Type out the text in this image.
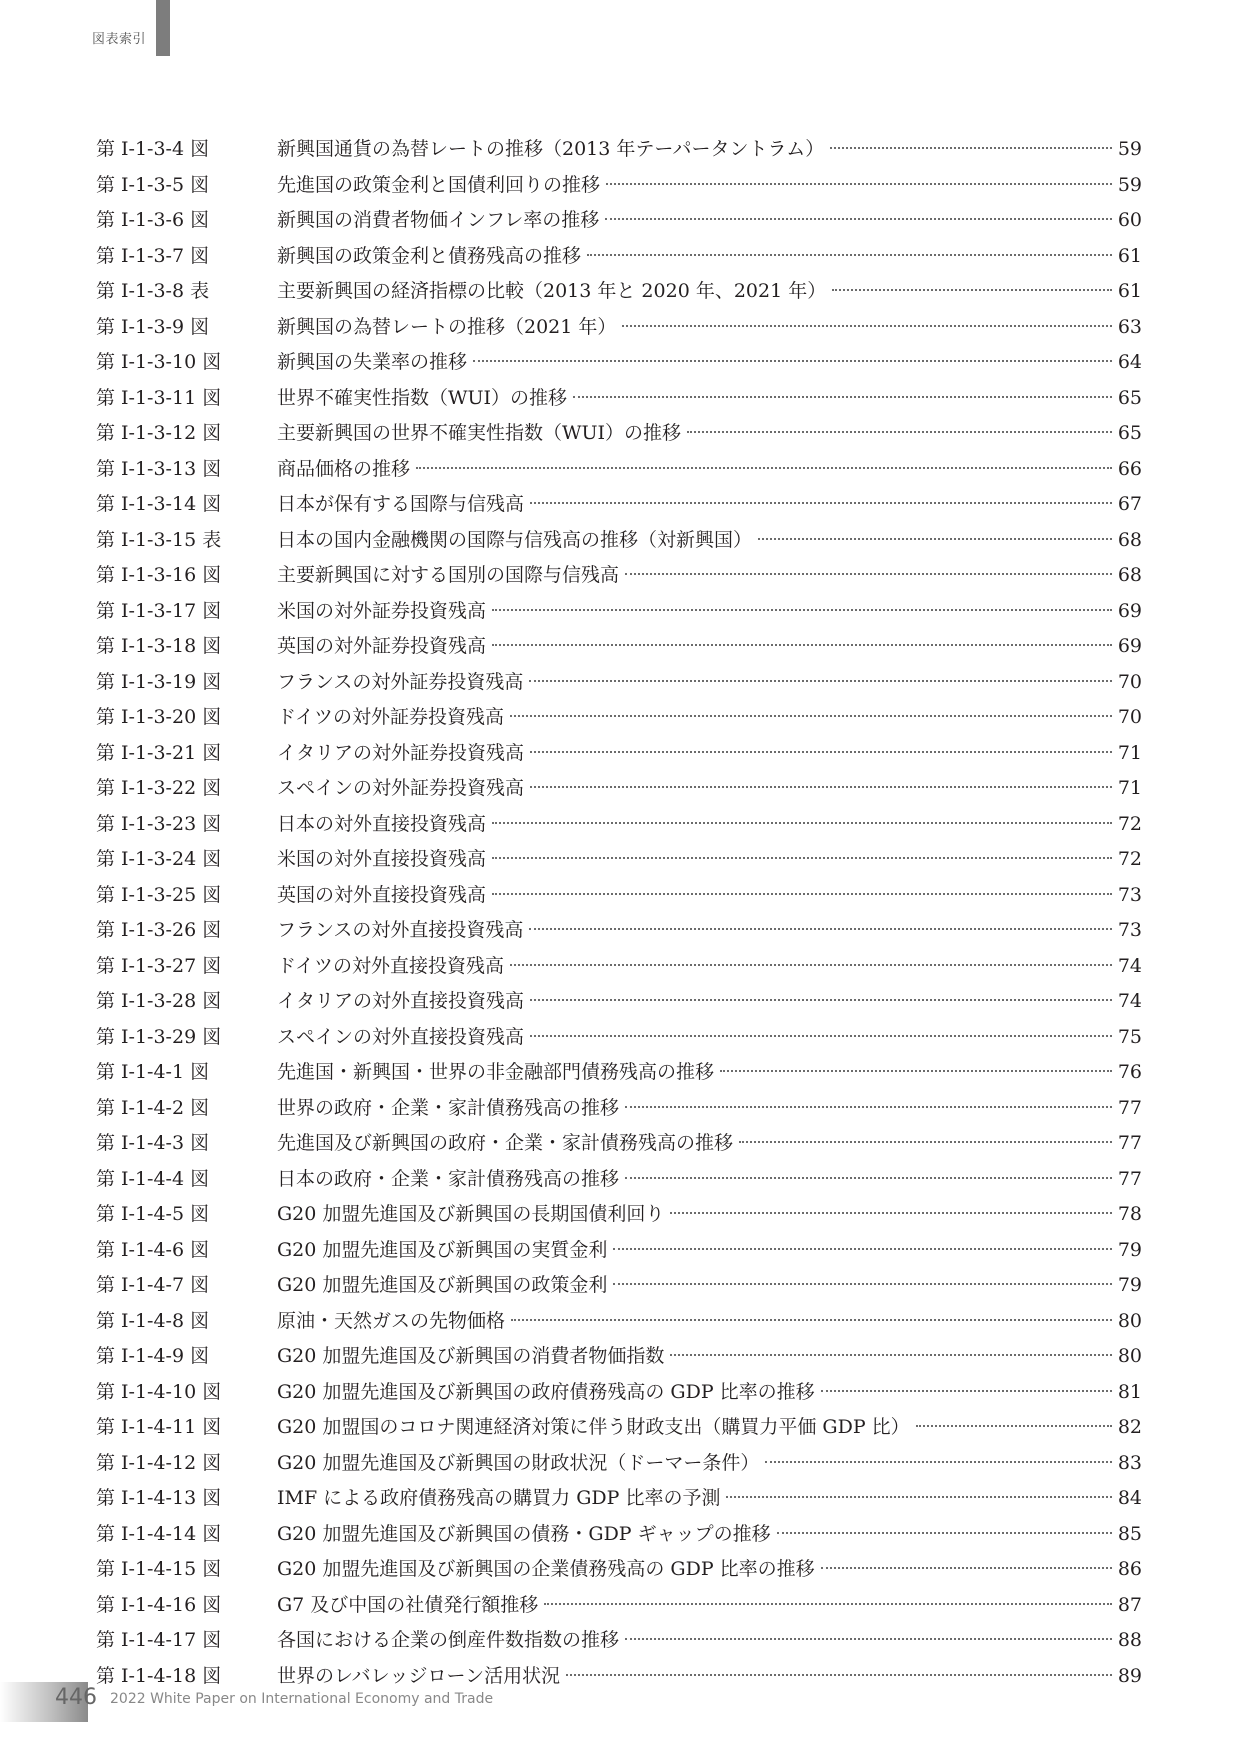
図表索引
第 I-1-3-4 図	新興国通貨の為替レートの推移（2013 年テーパータントラム）	59
第 I-1-3-5 図	先進国の政策金利と国債利回りの推移	59
第 I-1-3-6 図	新興国の消費者物価インフレ率の推移	60
第 I-1-3-7 図	新興国の政策金利と債務残高の推移	61
第 I-1-3-8 表	主要新興国の経済指標の比較（2013 年と 2020 年、2021 年）	61
第 I-1-3-9 図	新興国の為替レートの推移（2021 年）	63
第 I-1-3-10 図	新興国の失業率の推移	64
第 I-1-3-11 図	世界不確実性指数（WUI）の推移	65
第 I-1-3-12 図	主要新興国の世界不確実性指数（WUI）の推移	65
第 I-1-3-13 図	商品価格の推移	66
第 I-1-3-14 図	日本が保有する国際与信残高	67
第 I-1-3-15 表	日本の国内金融機関の国際与信残高の推移（対新興国）	68
第 I-1-3-16 図	主要新興国に対する国別の国際与信残高	68
第 I-1-3-17 図	米国の対外証券投資残高	69
第 I-1-3-18 図	英国の対外証券投資残高	69
第 I-1-3-19 図	フランスの対外証券投資残高	70
第 I-1-3-20 図	ドイツの対外証券投資残高	70
第 I-1-3-21 図	イタリアの対外証券投資残高	71
第 I-1-3-22 図	スペインの対外証券投資残高	71
第 I-1-3-23 図	日本の対外直接投資残高	72
第 I-1-3-24 図	米国の対外直接投資残高	72
第 I-1-3-25 図	英国の対外直接投資残高	73
第 I-1-3-26 図	フランスの対外直接投資残高	73
第 I-1-3-27 図	ドイツの対外直接投資残高	74
第 I-1-3-28 図	イタリアの対外直接投資残高	74
第 I-1-3-29 図	スペインの対外直接投資残高	75
第 I-1-4-1 図	先進国・新興国・世界の非金融部門債務残高の推移	76
第 I-1-4-2 図	世界の政府・企業・家計債務残高の推移	77
第 I-1-4-3 図	先進国及び新興国の政府・企業・家計債務残高の推移	77
第 I-1-4-4 図	日本の政府・企業・家計債務残高の推移	77
第 I-1-4-5 図	G20 加盟先進国及び新興国の長期国債利回り	78
第 I-1-4-6 図	G20 加盟先進国及び新興国の実質金利	79
第 I-1-4-7 図	G20 加盟先進国及び新興国の政策金利	79
第 I-1-4-8 図	原油・天然ガスの先物価格	80
第 I-1-4-9 図	G20 加盟先進国及び新興国の消費者物価指数	80
第 I-1-4-10 図	G20 加盟先進国及び新興国の政府債務残高の GDP 比率の推移	81
第 I-1-4-11 図	G20 加盟国のコロナ関連経済対策に伴う財政支出（購買力平価 GDP 比）	82
第 I-1-4-12 図	G20 加盟先進国及び新興国の財政状況（ドーマー条件）	83
第 I-1-4-13 図	IMF による政府債務残高の購買力 GDP 比率の予測	84
第 I-1-4-14 図	G20 加盟先進国及び新興国の債務・GDP ギャップの推移	85
第 I-1-4-15 図	G20 加盟先進国及び新興国の企業債務残高の GDP 比率の推移	86
第 I-1-4-16 図	G7 及び中国の社債発行額推移	87
第 I-1-4-17 図	各国における企業の倒産件数指数の推移	88
第 I-1-4-18 図	世界のレバレッジローン活用状況	89
446 2022 White Paper on International Economy and Trade
